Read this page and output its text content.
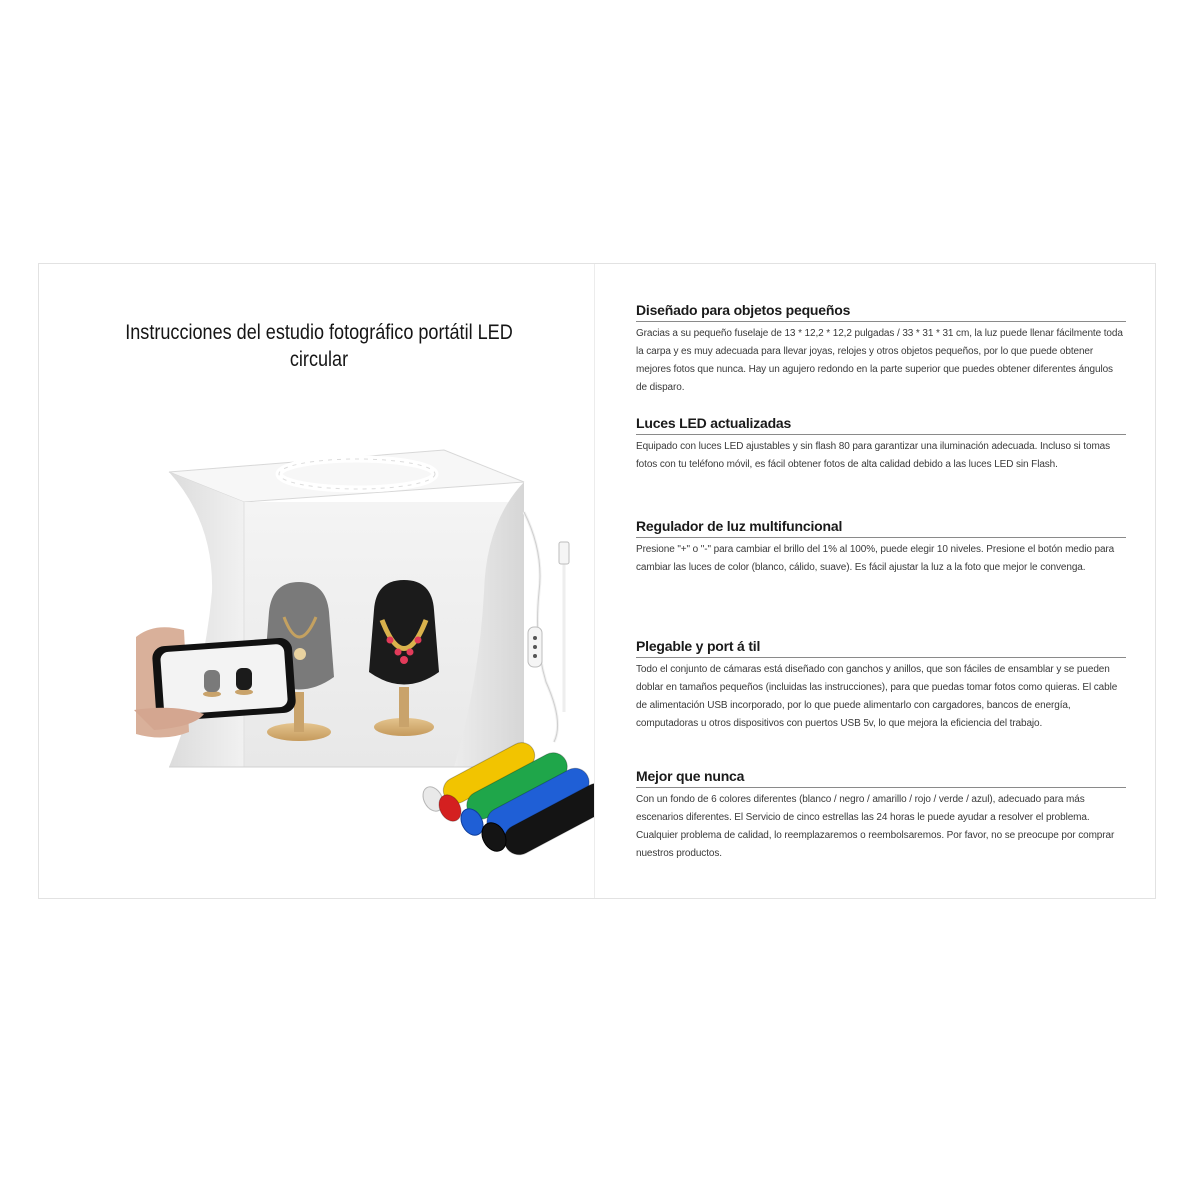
Instrucciones del estudio fotográfico portátil LED circular
Diseñado para objetos pequeños

Gracias a su pequeño fuselaje de 13 * 12,2 * 12,2 pulgadas / 33 * 31 * 31 cm, la luz puede llenar fácilmente toda la carpa y es muy adecuada para llevar joyas, relojes y otros objetos pequeños, por lo que puede obtener mejores fotos que nunca. Hay un agujero redondo en la parte superior que puedes obtener diferentes ángulos de disparo.

Luces LED actualizadas

Equipado con luces LED ajustables y sin flash 80 para garantizar una iluminación adecuada. Incluso si tomas fotos con tu teléfono móvil, es fácil obtener fotos de alta calidad debido a las luces LED sin Flash.

Regulador de luz multifuncional

Presione "+" o "-" para cambiar el brillo del 1% al 100%, puede elegir 10 niveles. Presione el botón medio para cambiar las luces de color (blanco, cálido, suave). Es fácil ajustar la luz a la foto que mejor le convenga.

Plegable y port á til

Todo el conjunto de cámaras está diseñado con ganchos y anillos, que son fáciles de ensamblar y se pueden doblar en tamaños pequeños (incluidas las instrucciones), para que puedas tomar fotos como quieras. El cable de alimentación USB incorporado, por lo que puede alimentarlo con cargadores, bancos de energía, computadoras u otros dispositivos con puertos USB 5v, lo que mejora la eficiencia del trabajo.

Mejor que nunca

Con un fondo de 6 colores diferentes (blanco / negro / amarillo / rojo / verde / azul), adecuado para más escenarios diferentes. El Servicio de cinco estrellas las 24 horas le puede ayudar a resolver el problema. Cualquier problema de calidad, lo reemplazaremos o reembolsaremos. Por favor, no se preocupe por comprar nuestros productos.
